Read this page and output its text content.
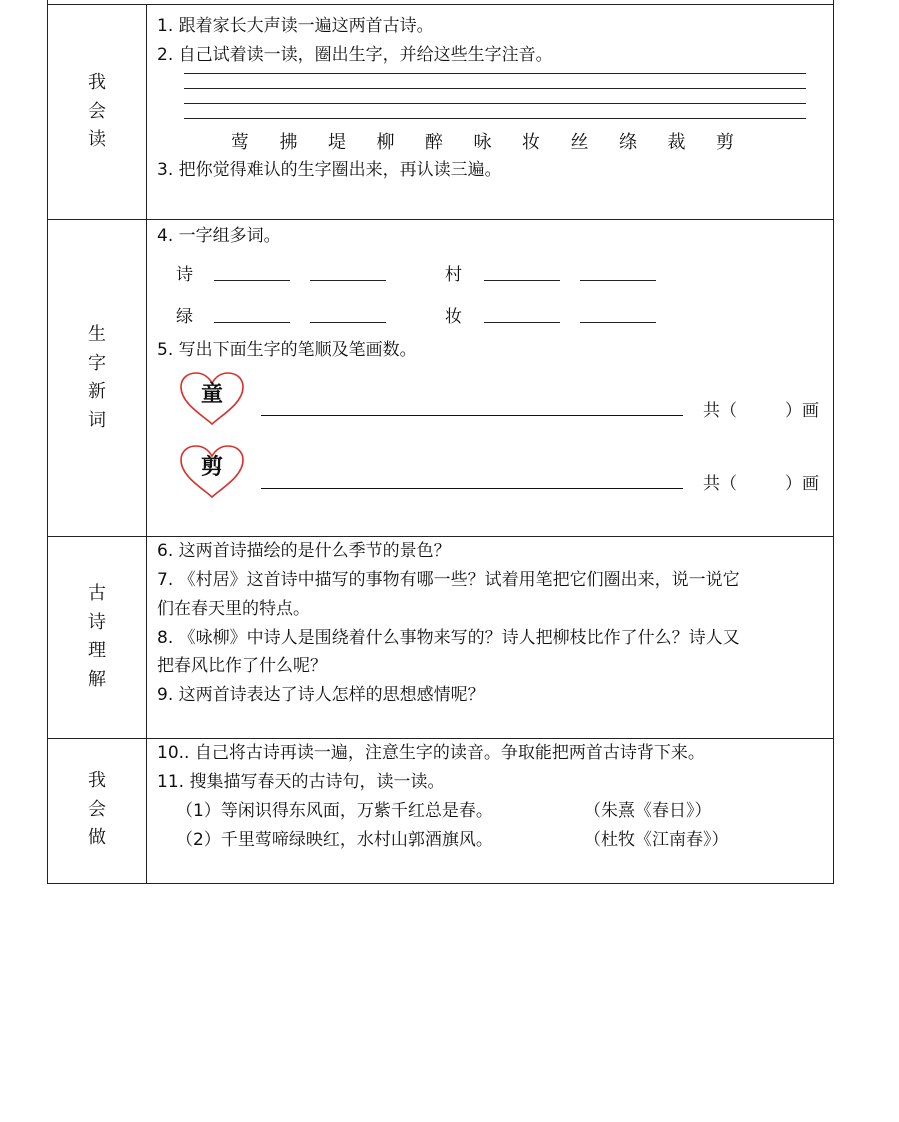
我
会
读
1. 跟着家长大声读一遍这两首古诗。
2. 自己试着读一读，圈出生字，并给这些生字注音。
莺	拂	堤	柳	醉	咏	妆	丝	绦	裁	剪
3. 把你觉得难认的生字圈出来，再认读三遍。
生
字
新
词
4. 一字组多词。
诗	村
绿	妆
5. 写出下面生字的笔顺及笔画数。
童
共（	）画
剪
共（	）画
古
诗
理
解
6. 这两首诗描绘的是什么季节的景色？
7. 《村居》这首诗中描写的事物有哪一些？试着用笔把它们圈出来，说一说它
们在春天里的特点。
8. 《咏柳》中诗人是围绕着什么事物来写的？诗人把柳枝比作了什么？诗人又
把春风比作了什么呢？
9. 这两首诗表达了诗人怎样的思想感情呢？
我
会
做
10.. 自己将古诗再读一遍，注意生字的读音。争取能把两首古诗背下来。
11. 搜集描写春天的古诗句，读一读。
（1）等闲识得东风面，万紫千红总是春。	（朱熹《春日》）
（2）千里莺啼绿映红，水村山郭酒旗风。	（杜牧《江南春》）
